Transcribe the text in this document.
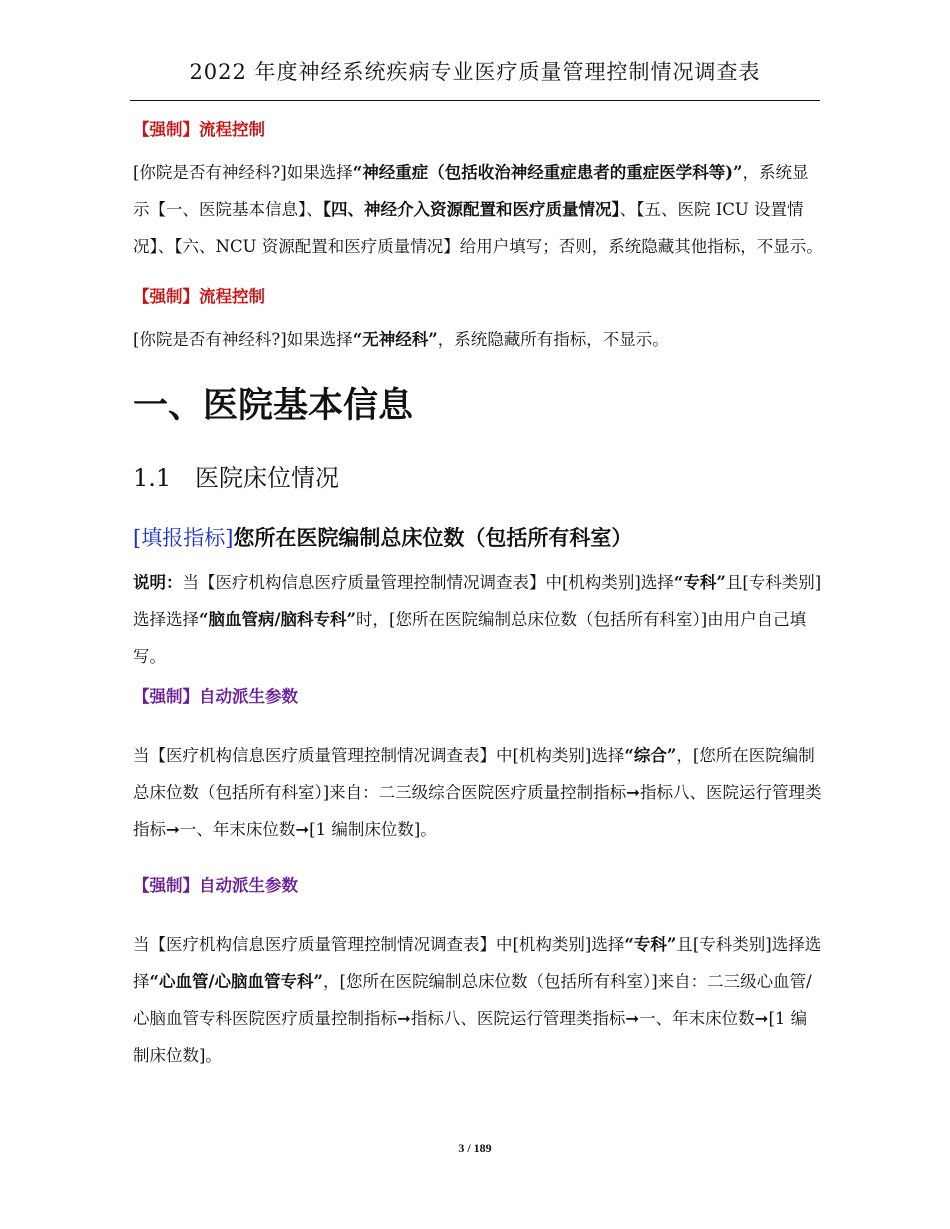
2022 年度神经系统疾病专业医疗质量管理控制情况调查表
【强制】流程控制

[你院是否有神经科?]如果选择“神经重症（包括收治神经重症患者的重症医学科等)”，系统显示【一、医院基本信息】、【四、神经介入资源配置和医疗质量情况】、【五、医院 ICU 设置情况】、【六、NCU 资源配置和医疗质量情况】给用户填写；否则，系统隐藏其他指标，不显示。

【强制】流程控制

[你院是否有神经科?]如果选择“无神经科”，系统隐藏所有指标，不显示。

一、医院基本信息
1.1 医院床位情况
[填报指标]您所在医院编制总床位数（包括所有科室）

说明：当【医疗机构信息医疗质量管理控制情况调查表】中[机构类别]选择“专科”且[专科类别]选择选择“脑血管病/脑科专科”时，[您所在医院编制总床位数（包括所有科室）]由用户自己填写。

【强制】自动派生参数

当【医疗机构信息医疗质量管理控制情况调查表】中[机构类别]选择“综合”，[您所在医院编制总床位数（包括所有科室）]来自：二三级综合医院医疗质量控制指标➞指标八、医院运行管理类指标➞一、年末床位数➞[1 编制床位数]。

【强制】自动派生参数

当【医疗机构信息医疗质量管理控制情况调查表】中[机构类别]选择“专科”且[专科类别]选择选择“心血管/心脑血管专科”，[您所在医院编制总床位数（包括所有科室）]来自：二三级心血管/心脑血管专科医院医疗质量控制指标➞指标八、医院运行管理类指标➞一、年末床位数➞[1 编制床位数]。

3 / 189
